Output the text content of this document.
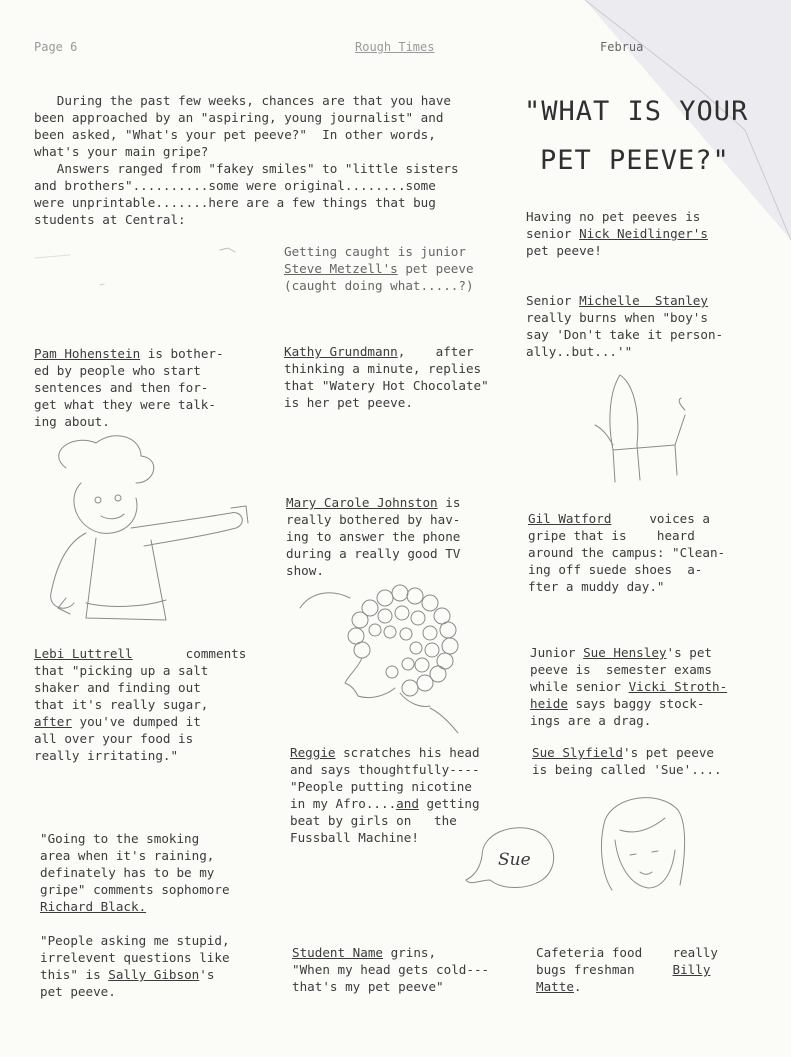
Page 6	Rough Times	Februa
"WHAT IS YOUR
PET PEEVE?"
During the past few weeks, chances are that you have
been approached by an "aspiring, young journalist" and
been asked, "What's your pet peeve?"  In other words,
what's your main gripe?
Answers ranged from "fakey smiles" to "little sisters
and brothers"..........some were original........some
were unprintable.......here are a few things that bug
students at Central:
Pam Hohenstein is bother-
ed by people who start
sentences and then for-
get what they were talk-
ing about.
Lebi Luttrell	comments
that "picking up a salt
shaker and finding out
that it's really sugar,
after you've dumped it
all over your food is
really irritating."
"Going to the smoking
area when it's raining,
definately has to be my
gripe" comments sophomore
Richard Black.
"People asking me stupid,
irrelevent questions like
this" is Sally Gibson's
pet peeve.
Getting caught is junior
Steve Metzell's pet peeve
(caught doing what.....?)
Kathy Grundmann,    after
thinking a minute, replies
that "Watery Hot Chocolate"
is her pet peeve.
Mary Carole Johnston is
really bothered by hav-
ing to answer the phone
during a really good TV
show.
Reggie scratches his head
and says thoughtfully----
"People putting nicotine
in my Afro....and getting
beat by girls on   the
Fussball Machine!
Student Name grins,
"When my head gets cold---
that's my pet peeve"
Having no pet peeves is
senior Nick Neidlinger's
pet peeve!
Senior Michelle  Stanley
really burns when "boy's
say 'Don't take it person-
ally..but...'"
Gil Watford	voices a
gripe that is    heard
around the campus: "Clean-
ing off suede shoes  a-
fter a muddy day."
Junior Sue Hensley's pet
peeve is  semester exams
while senior Vicki Stroth-
heide says baggy stock-
ings are a drag.
Sue Slyfield's pet peeve
is being called 'Sue'....
Cafeteria food    really
bugs freshman	Billy
Matte.
Sue
